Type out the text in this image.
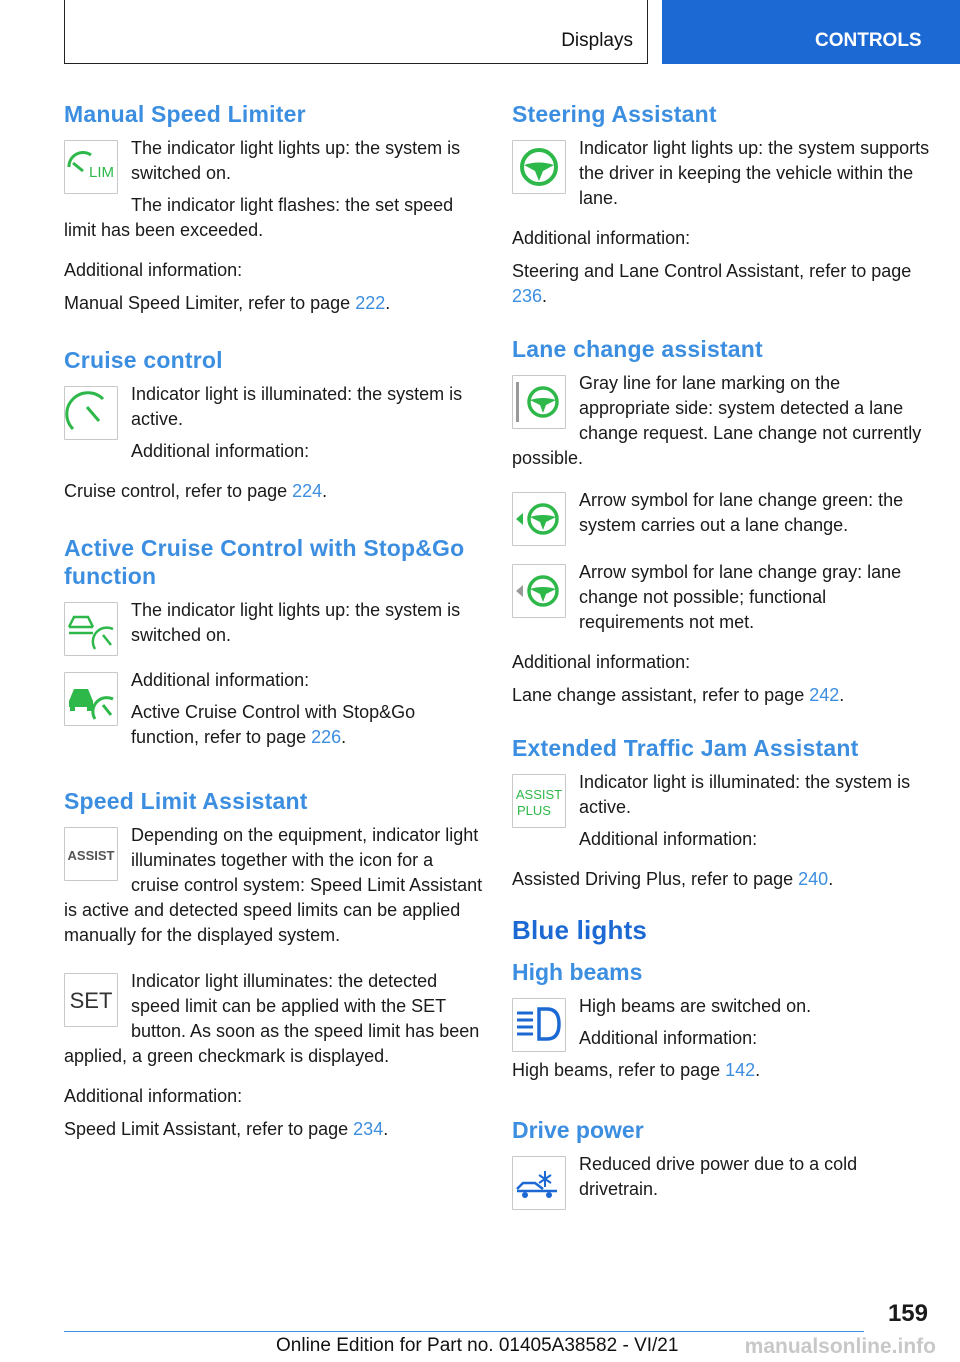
Displays	CONTROLS
Manual Speed Limiter
LIM

The indicator light lights up: the system is switched on.

The indicator light flashes: the set speed limit has been exceeded.

Additional information:

Manual Speed Limiter, refer to page 222.

Cruise control

Indicator light is illuminated: the system is active.

Additional information:

Cruise control, refer to page 224.

Active Cruise Control with Stop&Go function

The indicator light lights up: the system is switched on.

Additional information:

Active Cruise Control with Stop&Go function, refer to page 226.

Speed Limit Assistant
ASSIST

Depending on the equipment, indicator light illuminates together with the icon for a cruise control system: Speed Limit Assistant is active and detected speed limits can be applied manually for the displayed system.

SET

Indicator light illuminates: the detected speed limit can be applied with the SET button. As soon as the speed limit has been applied, a green checkmark is displayed.

Additional information:

Speed Limit Assistant, refer to page 234.

Steering Assistant

Indicator light lights up: the system supports the driver in keeping the vehicle within the lane.

Additional information:

Steering and Lane Control Assistant, refer to page 236.

Lane change assistant

Gray line for lane marking on the appropriate side: system detected a lane change request. Lane change not currently possible.

Arrow symbol for lane change green: the system carries out a lane change.

Arrow symbol for lane change gray: lane change not possible; functional requirements not met.

Additional information:

Lane change assistant, refer to page 242.

Extended Traffic Jam Assistant
ASSIST
PLUS

Indicator light is illuminated: the system is active.

Additional information:

Assisted Driving Plus, refer to page 240.

Blue lights
High beams

High beams are switched on.

Additional information:

High beams, refer to page 142.

Drive power

Reduced drive power due to a cold drivetrain.

159
Online Edition for Part no. 01405A38582 - VI/21	manualsonline.info
